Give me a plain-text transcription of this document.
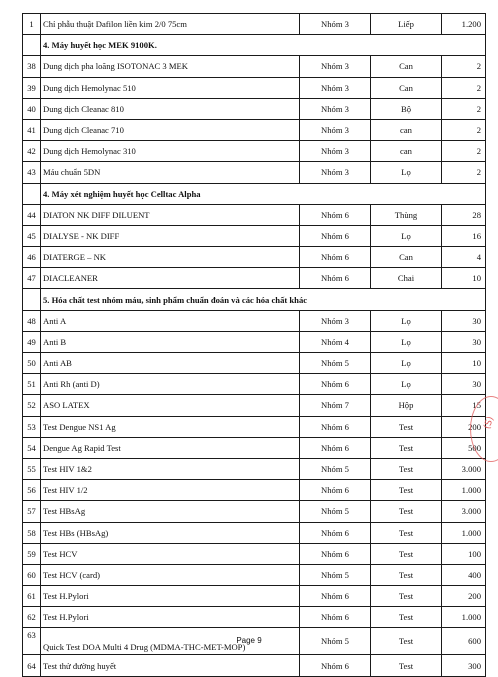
1	Chỉ phẫu thuật Dafilon liền kim 2/0 75cm	Nhóm 3	Liếp	1.200
	4. Máy huyết học MEK 9100K.			
38	Dung dịch pha loãng ISOTONAC 3 MEK	Nhóm 3	Can	2
39	Dung dịch Hemolynac 510	Nhóm 3	Can	2
40	Dung dịch Cleanac 810	Nhóm 3	Bộ	2
41	Dung dịch Cleanac 710	Nhóm 3	can	2
42	Dung dịch Hemolynac 310	Nhóm 3	can	2
43	Máu chuẩn 5DN	Nhóm 3	Lọ	2
	4. Máy xét nghiệm huyết học Celltac Alpha			
44	DIATON NK DIFF DILUENT	Nhóm 6	Thùng	28
45	DIALYSE - NK DIFF	Nhóm 6	Lọ	16
46	DIATERGE – NK	Nhóm 6	Can	4
47	DIACLEANER	Nhóm 6	Chai	10
	5. Hóa chất test nhóm máu, sinh phẩm chuẩn đoán và các hóa chất khác			
48	Anti A	Nhóm 3	Lọ	30
49	Anti B	Nhóm 4	Lọ	30
50	Anti AB	Nhóm 5	Lọ	10
51	Anti Rh (anti D)	Nhóm 6	Lọ	30
52	ASO LATEX	Nhóm 7	Hộp	15
53	Test Dengue NS1 Ag	Nhóm 6	Test	200
54	Dengue Ag Rapid Test	Nhóm 6	Test	500
55	Test HIV 1&2	Nhóm 5	Test	3.000
56	Test HIV 1/2	Nhóm 6	Test	1.000
57	Test HBsAg	Nhóm 5	Test	3.000
58	Test HBs (HBsAg)	Nhóm 6	Test	1.000
59	Test HCV	Nhóm 6	Test	100
60	Test HCV (card)	Nhóm 5	Test	400
61	Test H.Pylori	Nhóm 6	Test	200
62	Test H.Pylori	Nhóm 6	Test	1.000
63	Quick Test DOA Multi 4 Drug (MDMA-THC-MET-MOP)	Nhóm 5	Test	600
64	Test thử đường huyết	Nhóm 6	Test	300
(S)
Page 9
